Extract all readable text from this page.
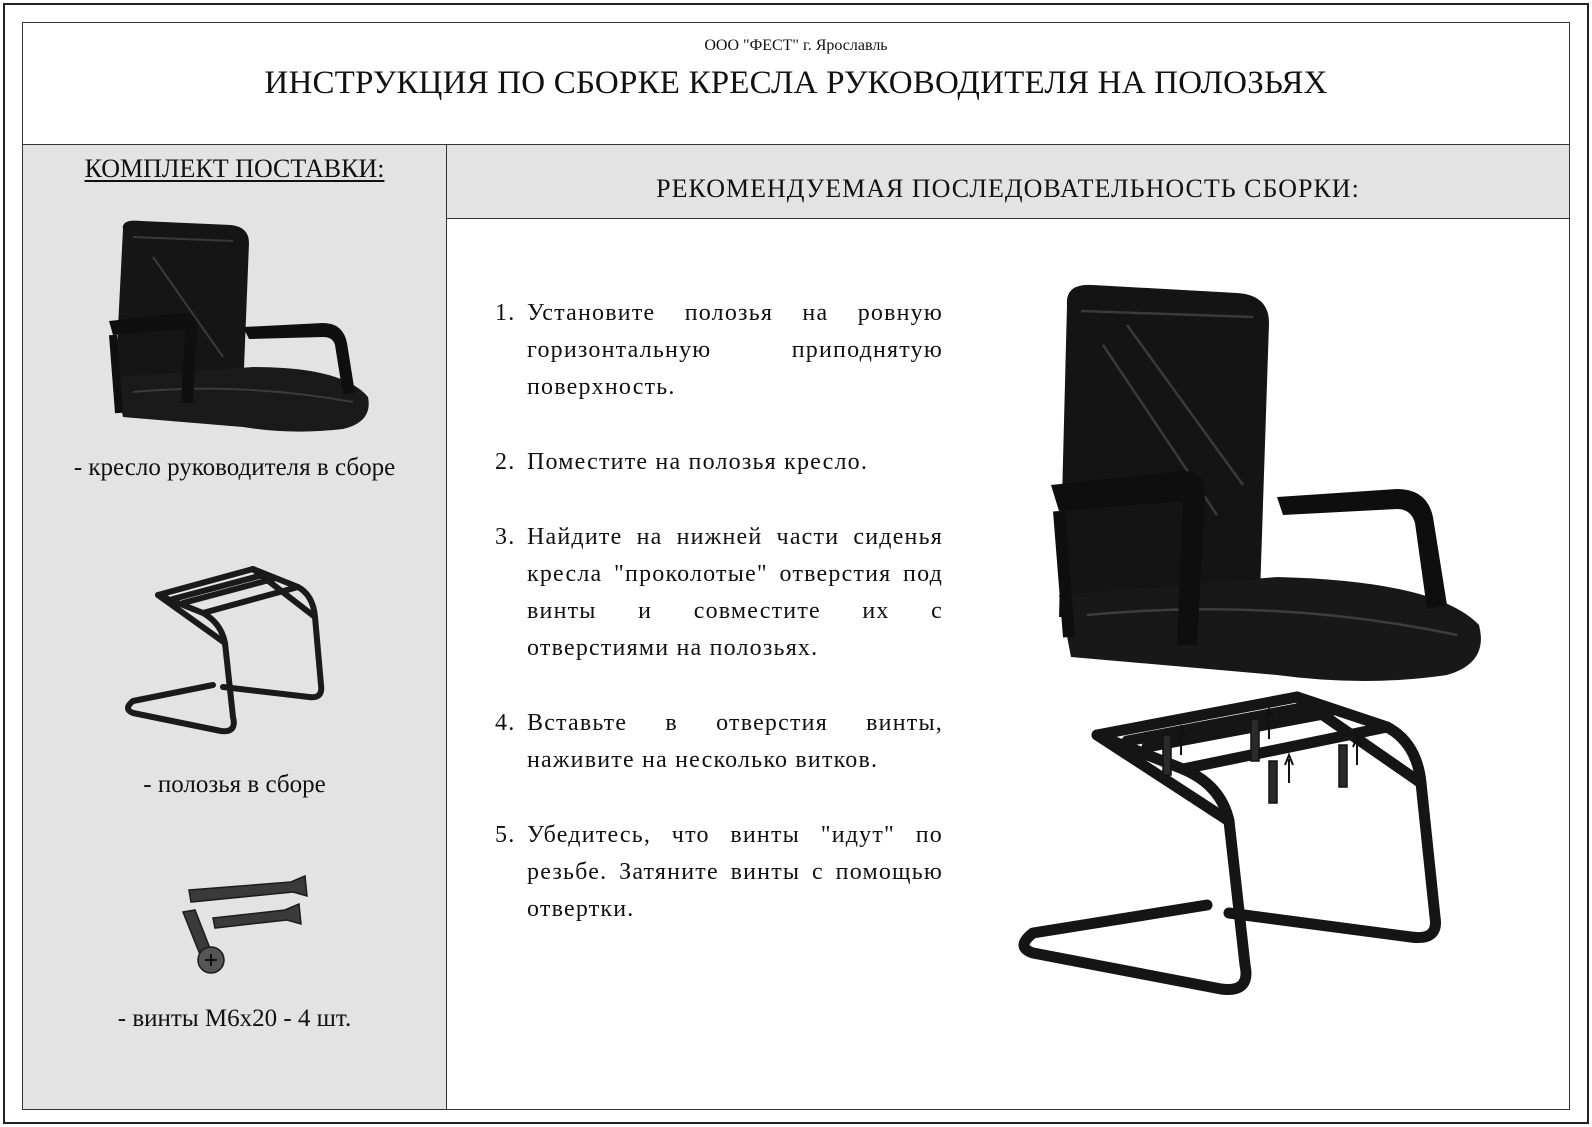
ООО "ФЕСТ" г. Ярославль
ИНСТРУКЦИЯ ПО СБОРКЕ КРЕСЛА РУКОВОДИТЕЛЯ НА ПОЛОЗЬЯХ
КОМПЛЕКТ ПОСТАВКИ:
- кресло руководителя в сборе
- полозья в сборе
- винты М6х20 - 4 шт.
РЕКОМЕНДУЕМАЯ ПОСЛЕДОВАТЕЛЬНОСТЬ СБОРКИ:
1. Установите полозья на ровную горизонтальную приподнятую поверхность.
2. Поместите на полозья кресло.
3. Найдите на нижней части сиденья кресла "проколотые" отверстия под винты и совместите их с отверстиями на полозьях.
4. Вставьте в отверстия винты, наживите на несколько витков.
5. Убедитесь, что винты "идут" по резьбе. Затяните винты с помощью отвертки.
